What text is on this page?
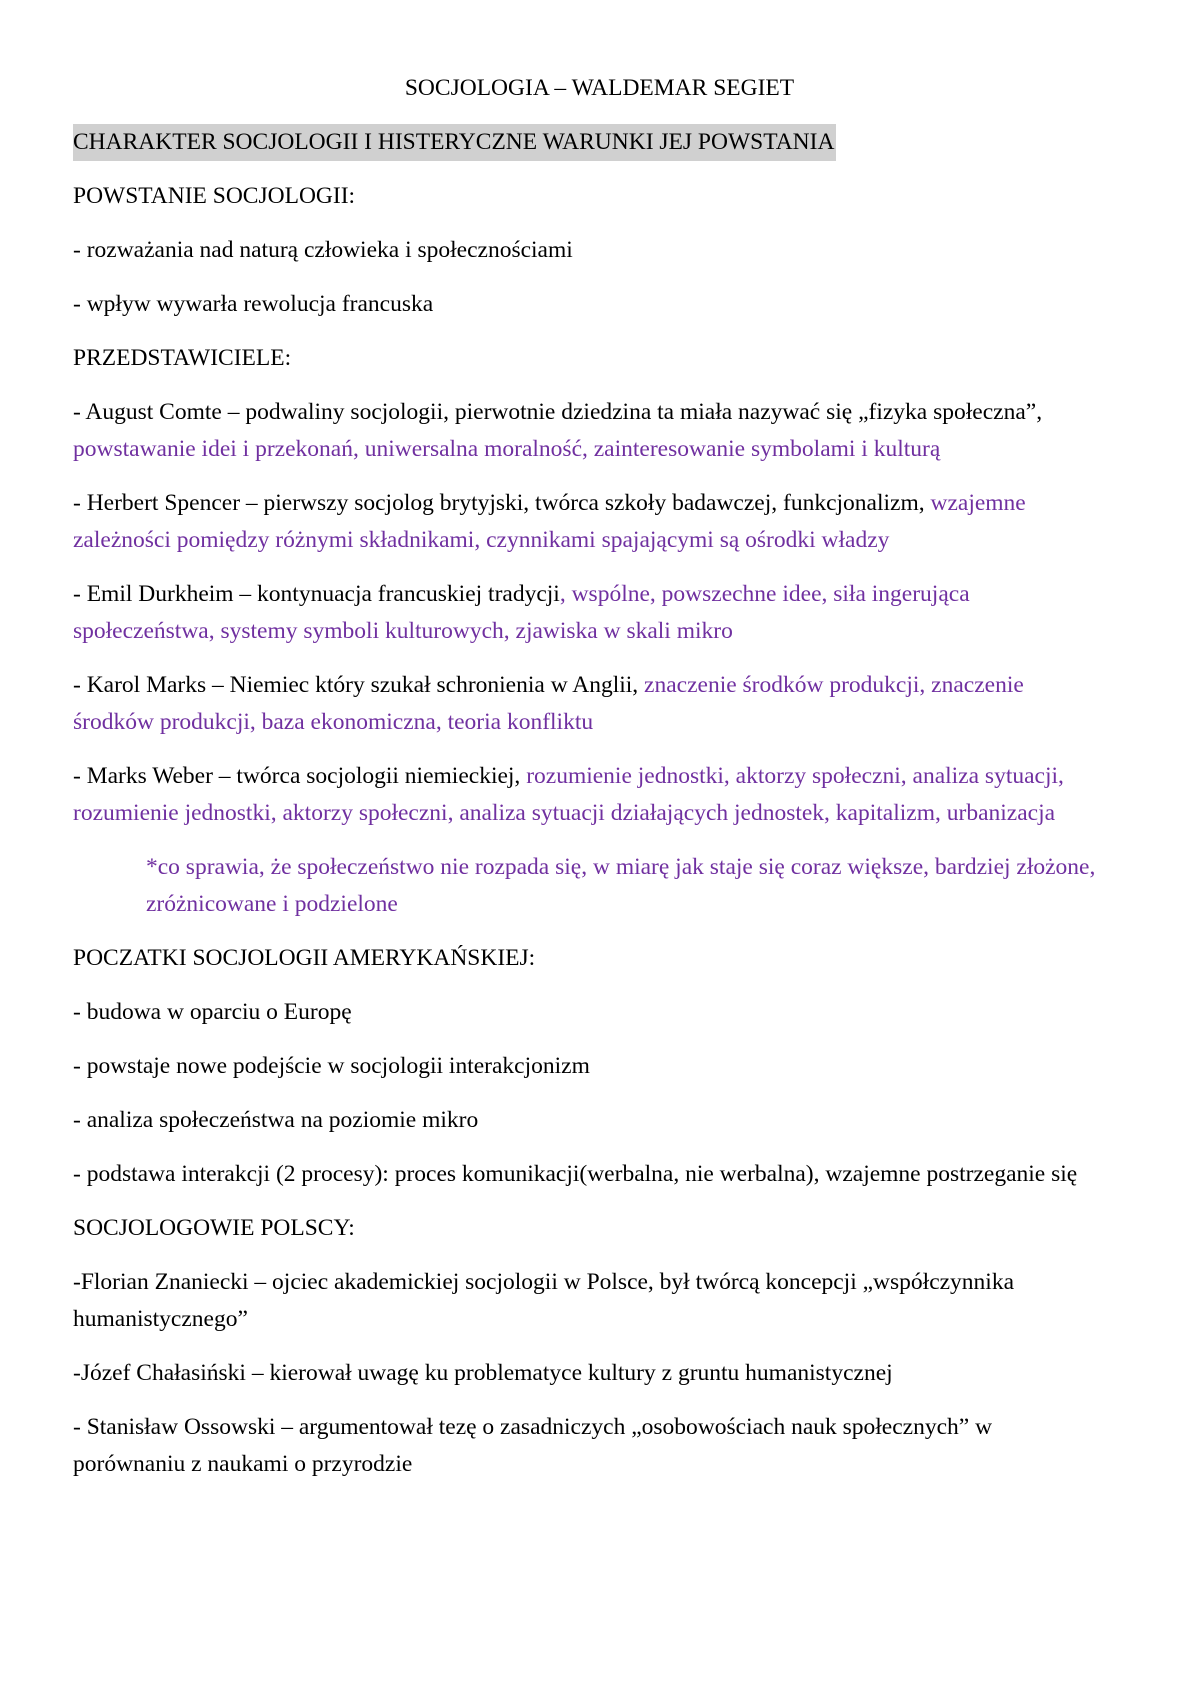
SOCJOLOGIA – WALDEMAR SEGIET
CHARAKTER SOCJOLOGII I HISTERYCZNE WARUNKI JEJ POWSTANIA
POWSTANIE SOCJOLOGII:
- rozważania nad naturą człowieka i społecznościami
- wpływ wywarła rewolucja francuska
PRZEDSTAWICIELE:
- August Comte – podwaliny socjologii, pierwotnie dziedzina ta miała nazywać się „fizyka społeczna”, powstawanie idei i przekonań, uniwersalna moralność, zainteresowanie symbolami i kulturą
- Herbert Spencer – pierwszy socjolog brytyjski, twórca szkoły badawczej, funkcjonalizm, wzajemne zależności pomiędzy różnymi składnikami, czynnikami spajającymi są ośrodki władzy
- Emil Durkheim – kontynuacja francuskiej tradycji, wspólne, powszechne idee, siła ingerująca społeczeństwa, systemy symboli kulturowych, zjawiska w skali mikro
- Karol Marks – Niemiec który szukał schronienia w Anglii, znaczenie środków produkcji, znaczenie środków produkcji, baza ekonomiczna, teoria konfliktu
- Marks Weber – twórca socjologii niemieckiej, rozumienie jednostki, aktorzy społeczni, analiza sytuacji, rozumienie jednostki, aktorzy społeczni, analiza sytuacji działających jednostek, kapitalizm, urbanizacja
*co sprawia, że społeczeństwo nie rozpada się, w miarę jak staje się coraz większe, bardziej złożone, zróżnicowane i podzielone
POCZATKI SOCJOLOGII AMERYKAŃSKIEJ:
- budowa w oparciu o Europę
- powstaje nowe podejście w socjologii interakcjonizm
- analiza społeczeństwa na poziomie mikro
- podstawa interakcji (2 procesy): proces komunikacji(werbalna, nie werbalna), wzajemne postrzeganie się
SOCJOLOGOWIE POLSCY:
-Florian Znaniecki – ojciec akademickiej socjologii w Polsce, był twórcą koncepcji „współczynnika humanistycznego”
-Józef Chałasiński – kierował uwagę ku problematyce kultury z gruntu humanistycznej
- Stanisław Ossowski – argumentował tezę o zasadniczych „osobowościach nauk społecznych” w porównaniu z naukami o przyrodzie
